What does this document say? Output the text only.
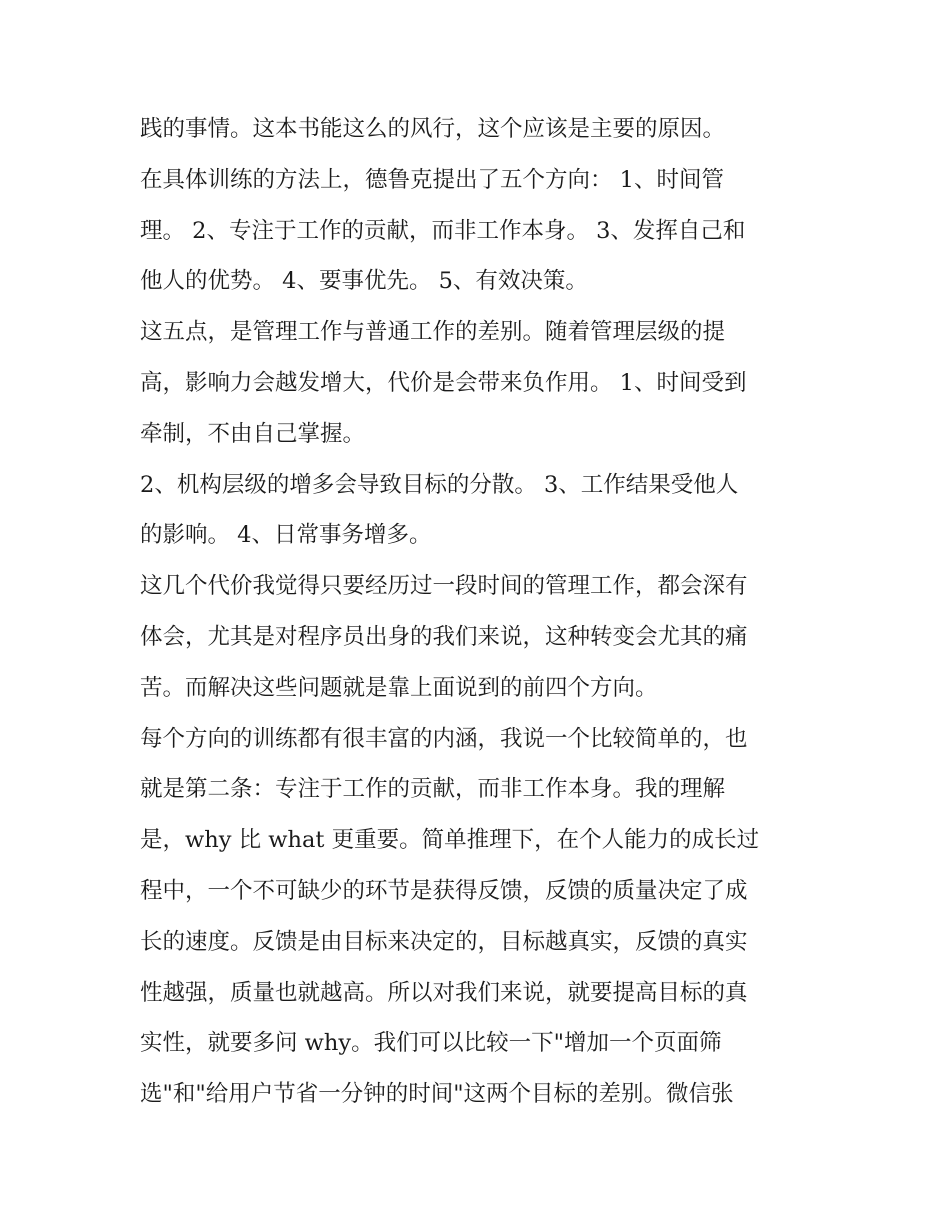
践的事情。这本书能这么的风行，这个应该是主要的原因。
在具体训练的方法上，德鲁克提出了五个方向： 1、时间管
理。 2、专注于工作的贡献，而非工作本身。 3、发挥自己和
他人的优势。 4、要事优先。 5、有效决策。
这五点，是管理工作与普通工作的差别。随着管理层级的提
高，影响力会越发增大，代价是会带来负作用。 1、时间受到
牵制，不由自己掌握。
2、机构层级的增多会导致目标的分散。 3、工作结果受他人
的影响。 4、日常事务增多。
这几个代价我觉得只要经历过一段时间的管理工作，都会深有
体会，尤其是对程序员出身的我们来说，这种转变会尤其的痛
苦。而解决这些问题就是靠上面说到的前四个方向。
每个方向的训练都有很丰富的内涵，我说一个比较简单的，也
就是第二条：专注于工作的贡献，而非工作本身。我的理解
是，why 比 what 更重要。简单推理下，在个人能力的成长过
程中，一个不可缺少的环节是获得反馈，反馈的质量决定了成
长的速度。反馈是由目标来决定的，目标越真实，反馈的真实
性越强，质量也就越高。所以对我们来说，就要提高目标的真
实性，就要多问 why。我们可以比较一下"增加一个页面筛
选"和"给用户节省一分钟的时间"这两个目标的差别。微信张
